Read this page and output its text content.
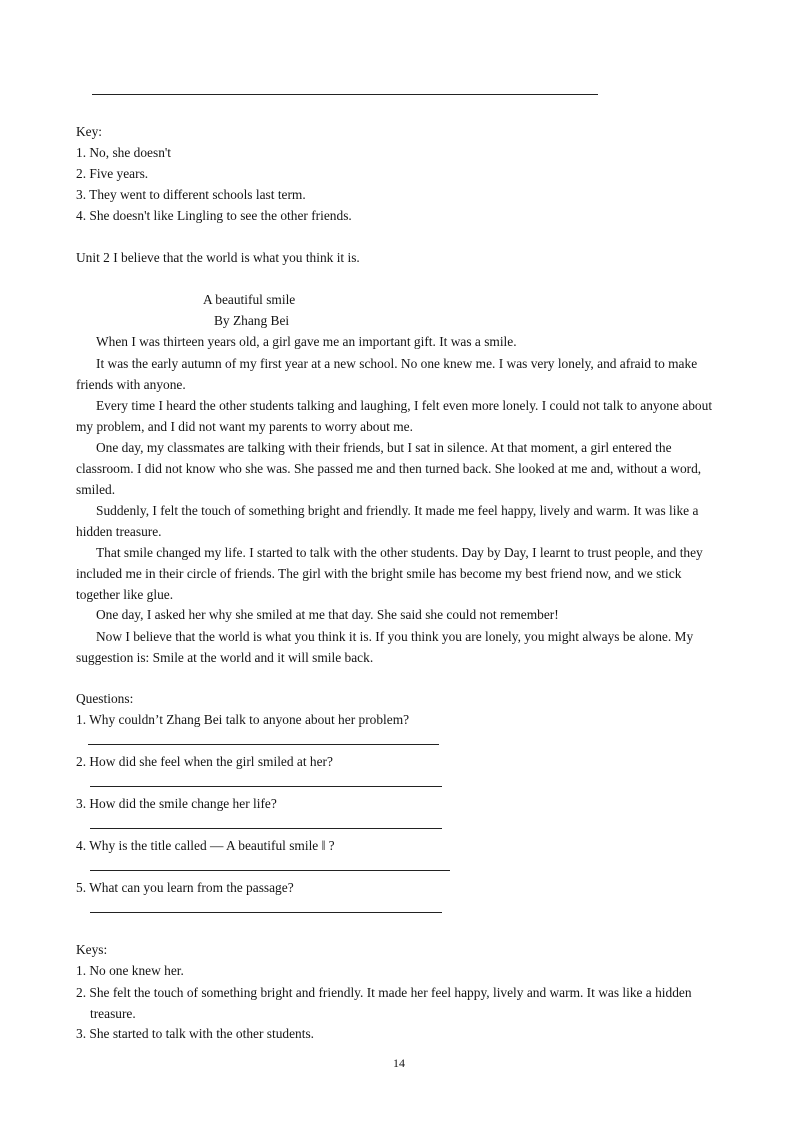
Key:
1. No, she doesn't
2. Five years.
3. They went to different schools last term.
4. She doesn't like Lingling to see the other friends.
Unit 2 I believe that the world is what you think it is.
A beautiful smile
By Zhang Bei
When I was thirteen years old, a girl gave me an important gift. It was a smile.
It was the early autumn of my first year at a new school. No one knew me. I was very lonely, and afraid to make friends with anyone.
Every time I heard the other students talking and laughing, I felt even more lonely. I could not talk to anyone about my problem, and I did not want my parents to worry about me.
One day, my classmates are talking with their friends, but I sat in silence. At that moment, a girl entered the classroom. I did not know who she was. She passed me and then turned back. She looked at me and, without a word, smiled.
Suddenly, I felt the touch of something bright and friendly. It made me feel happy, lively and warm. It was like a hidden treasure.
That smile changed my life. I started to talk with the other students. Day by Day, I learnt to trust people, and they included me in their circle of friends. The girl with the bright smile has become my best friend now, and we stick together like glue.
One day, I asked her why she smiled at me that day. She said she could not remember!
Now I believe that the world is what you think it is. If you think you are lonely, you might always be alone. My suggestion is: Smile at the world and it will smile back.
Questions:
1. Why couldn’t Zhang Bei talk to anyone about her problem?
2. How did she feel when the girl smiled at her?
3. How did the smile change her life?
4. Why is the title called — A beautiful smile ‖ ?
5. What can you learn from the passage?
Keys:
1. No one knew her.
2. She felt the touch of something bright and friendly. It made her feel happy, lively and warm. It was like a hidden treasure.
3. She started to talk with the other students.
14
